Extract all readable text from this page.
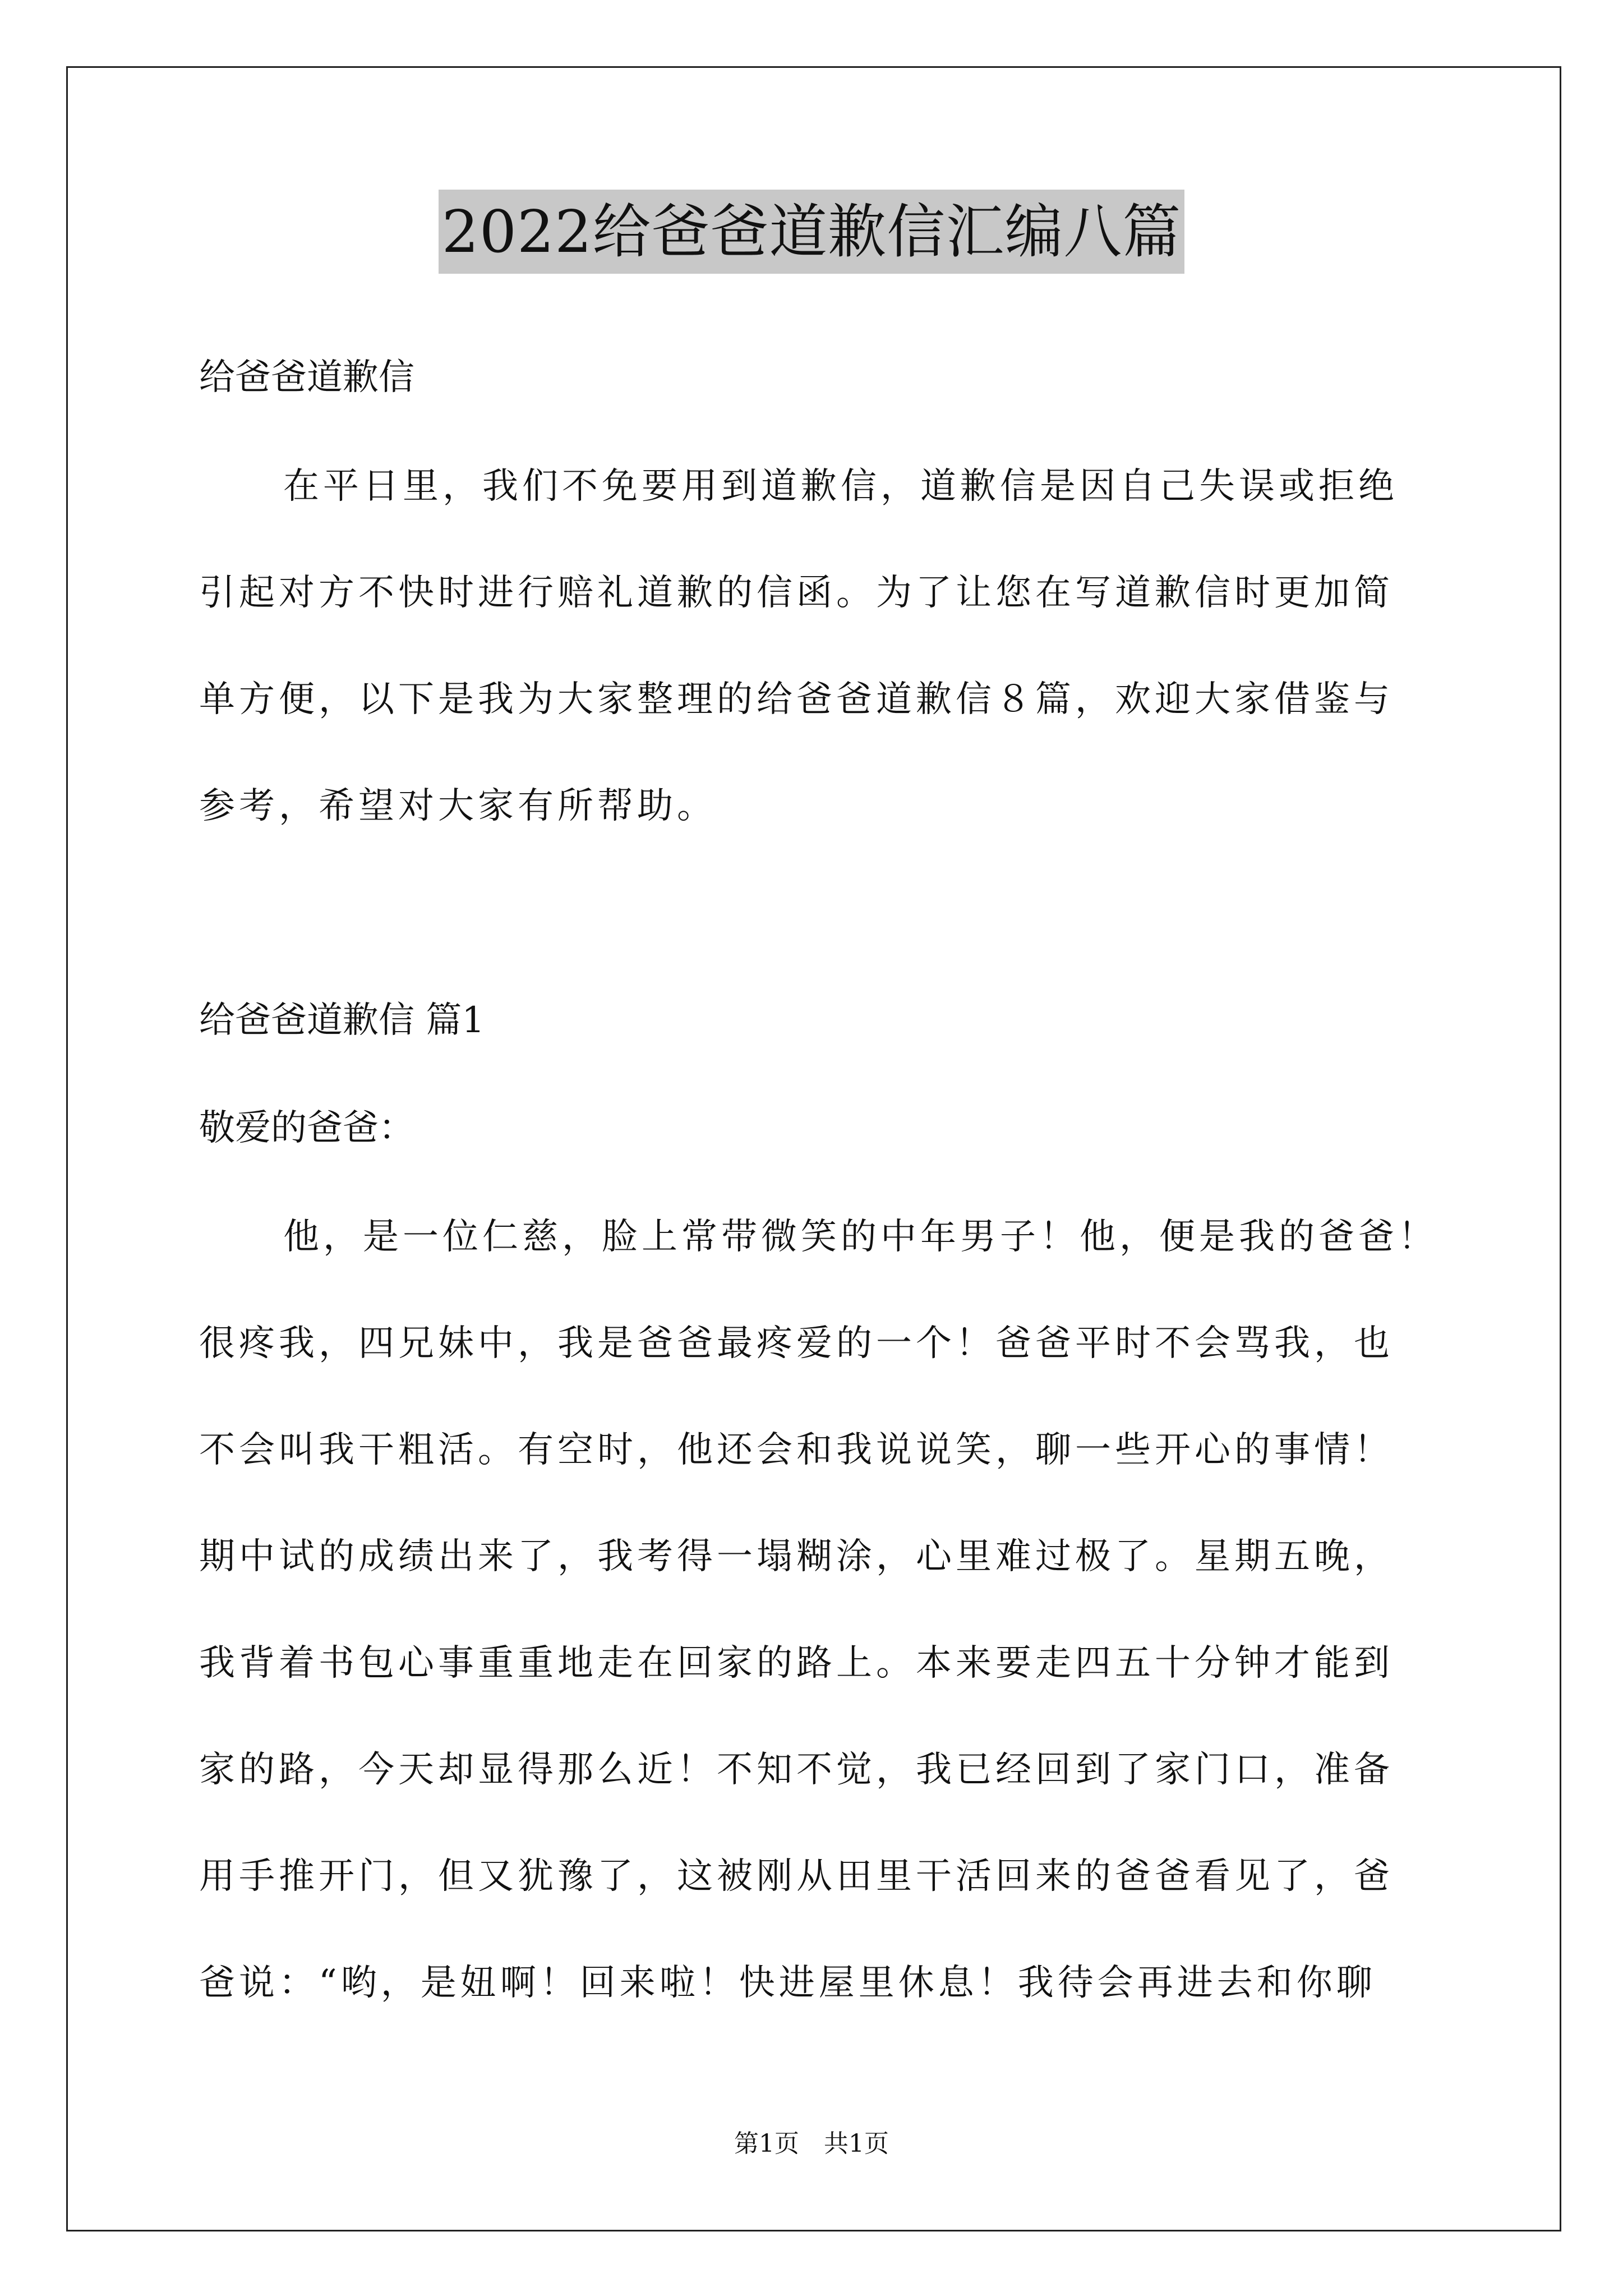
2022给爸爸道歉信汇编八篇
给爸爸道歉信
在平日里，我们不免要用到道歉信，道歉信是因自己失误或拒绝
引起对方不快时进行赔礼道歉的信函。为了让您在写道歉信时更加简
单方便，以下是我为大家整理的给爸爸道歉信８篇，欢迎大家借鉴与
参考，希望对大家有所帮助。
给爸爸道歉信 篇1
敬爱的爸爸：
他，是一位仁慈，脸上常带微笑的中年男子！他，便是我的爸爸！
很疼我，四兄妹中，我是爸爸最疼爱的一个！爸爸平时不会骂我，也
不会叫我干粗活。有空时，他还会和我说说笑，聊一些开心的事情！
期中试的成绩出来了，我考得一塌糊涂，心里难过极了。星期五晚，
我背着书包心事重重地走在回家的路上。本来要走四五十分钟才能到
家的路，今天却显得那么近！不知不觉，我已经回到了家门口，准备
用手推开门，但又犹豫了，这被刚从田里干活回来的爸爸看见了，爸
爸说：“哟，是妞啊！回来啦！快进屋里休息！我待会再进去和你聊
第1页　共1页
